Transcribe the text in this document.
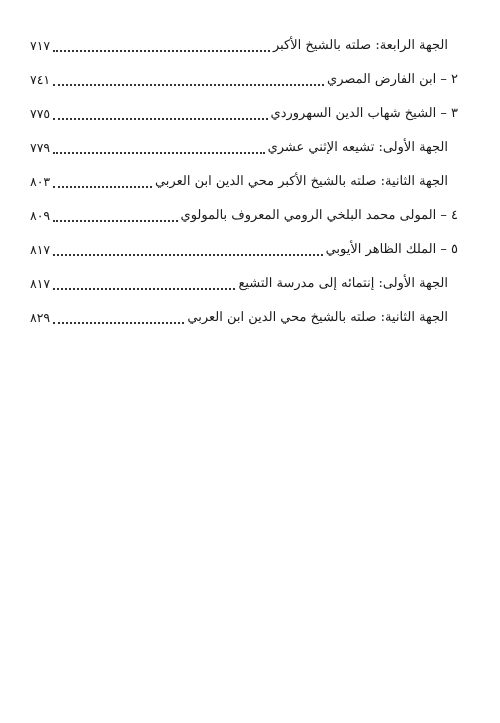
٧١٧	الجهة الرابعة: صلته بالشيخ الأكبر
٧٤١	٢ – ابن الفارض المصري
٧٧٥	٣ – الشيخ شهاب الدين السهروردي
٧٧٩	الجهة الأولى: تشيعه الإثني عشري
٨٠٣	الجهة الثانية: صلته بالشيخ الأكبر محي الدين ابن العربي
٨٠٩	٤ – المولى محمد البلخي الرومي المعروف بالمولوي
٨١٧	٥ – الملك الظاهر الأيوبي
٨١٧	الجهة الأولى: إنتمائه إلى مدرسة التشيع
٨٢٩	الجهة الثانية: صلته بالشيخ محي الدين ابن العربي
